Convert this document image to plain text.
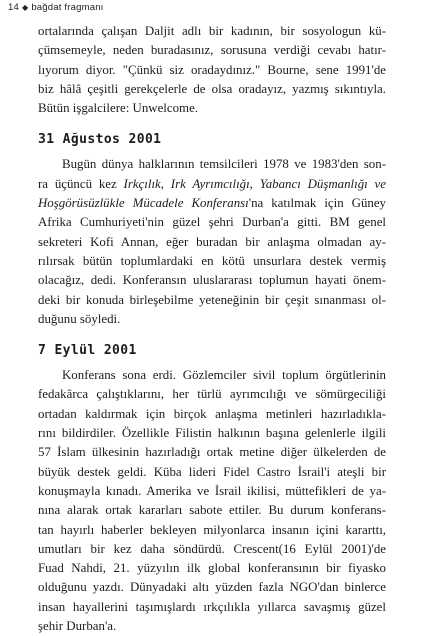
14 ◆ bağdat fragmanı
ortalarında çalışan Daljit adlı bir kadının, bir sosyologun kü-
çümsemeyle, neden buradasınız, sorusuna verdiği cevabı hatır-
lıyorum diyor. "Çünkü siz oradaydınız." Bourne, sene 1991'de
biz hâlâ çeşitli gerekçelerle de olsa oradayız, yazmış sıkıntıyla.
Bütün işgalcilere: Unwelcome.
31 Ağustos 2001
Bugün dünya halklarının temsilcileri 1978 ve 1983'den son-
ra üçüncü kez Irkçılık, Irk Ayrımcılığı, Yabancı Düşmanlığı ve
Hoşgörüsüzlükle Mücadele Konferansı'na katılmak için Güney
Afrika Cumhuriyeti'nin güzel şehri Durban'a gitti. BM genel
sekreteri Kofi Annan, eğer buradan bir anlaşma olmadan ay-
rılırsak bütün toplumlardaki en kötü unsurlara destek vermiş
olacağız, dedi. Konferansın uluslararası toplumun hayati önem-
deki bir konuda birleşebilme yeteneğinin bir çeşit sınanması ol-
duğunu söyledi.
7 Eylül 2001
Konferans sona erdi. Gözlemciler sivil toplum örgütlerinin
fedakârca çalıştıklarını, her türlü ayrımcılığı ve sömürgeciliği
ortadan kaldırmak için birçok anlaşma metinleri hazırladıkla-
rını bildirdiler. Özellikle Filistin halkının başına gelenlerle ilgili
57 İslam ülkesinin hazırladığı ortak metine diğer ülkelerden de
büyük destek geldi. Küba lideri Fidel Castro İsrail'i ateşli bir
konuşmayla kınadı. Amerika ve İsrail ikilisi, müttefikleri de ya-
nına alarak ortak kararları sabote ettiler. Bu durum konferans-
tan hayırlı haberler bekleyen milyonlarca insanın içini kararttı,
umutları bir kez daha söndürdü. Crescent(16 Eylül 2001)'de
Fuad Nahdi, 21. yüzyılın ilk global konferansının bir fiyasko
olduğunu yazdı. Dünyadaki altı yüzden fazla NGO'dan binlerce
insan hayallerini taşımışlardı ırkçılıkla yıllarca savaşmış güzel
şehir Durban'a.
